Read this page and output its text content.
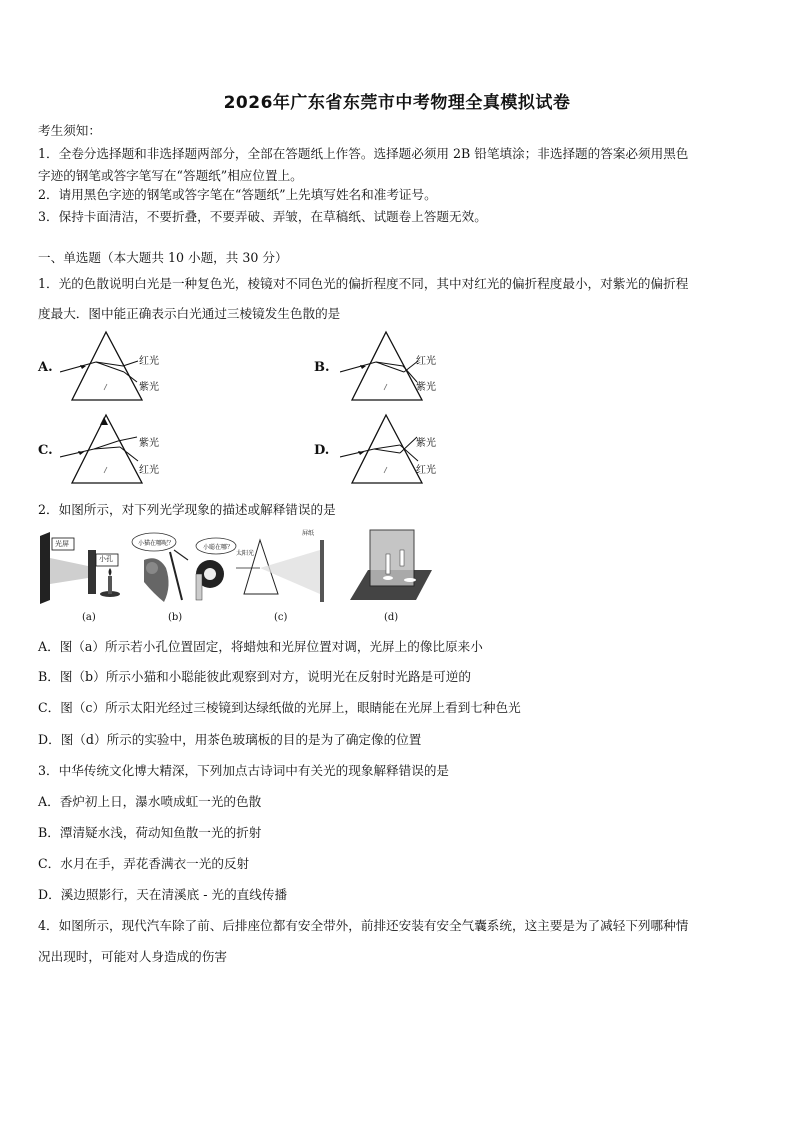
2026年广东省东莞市中考物理全真模拟试卷
考生须知：
1．全卷分选择题和非选择题两部分，全部在答题纸上作答。选择题必须用 2B 铅笔填涂；非选择题的答案必须用黑色
字迹的钢笔或答字笔写在“答题纸”相应位置上。
2．请用黑色字迹的钢笔或答字笔在“答题纸”上先填写姓名和准考证号。
3．保持卡面清洁，不要折叠，不要弄破、弄皱，在草稿纸、试题卷上答题无效。
一、单选题（本大题共 10 小题，共 30 分）
1．光的色散说明白光是一种复色光，棱镜对不同色光的偏折程度不同，其中对红光的偏折程度最小，对紫光的偏折程
度最大．图中能正确表示白光通过三棱镜发生色散的是
A.	红光
紫光
B.	红光
紫光
C.	紫光
红光
D.	紫光
红光
2．如图所示，对下列光学现象的描述或解释错误的是
光屏
小孔
(a)
小猫在哪呢？
小聪在哪？
(b)
太阳光
屏纸
(c)	(d)
A．图（a）所示若小孔位置固定，将蜡烛和光屏位置对调，光屏上的像比原来小
B．图（b）所示小猫和小聪能彼此观察到对方，说明光在反射时光路是可逆的
C．图（c）所示太阳光经过三棱镜到达绿纸做的光屏上，眼睛能在光屏上看到七种色光
D．图（d）所示的实验中，用茶色玻璃板的目的是为了确定像的位置
3．中华传统文化博大精深，下列加点古诗词中有关光的现象解释错误的是
A．香炉初上日，瀑水喷成虹一光的色散
B．潭清疑水浅，荷动知鱼散一光的折射
C．水月在手，弄花香满衣一光的反射
D．溪边照影行，天在清溪底 - 光的直线传播
4．如图所示，现代汽车除了前、后排座位都有安全带外，前排还安装有安全气囊系统，这主要是为了减轻下列哪种情
况出现时，可能对人身造成的伤害
